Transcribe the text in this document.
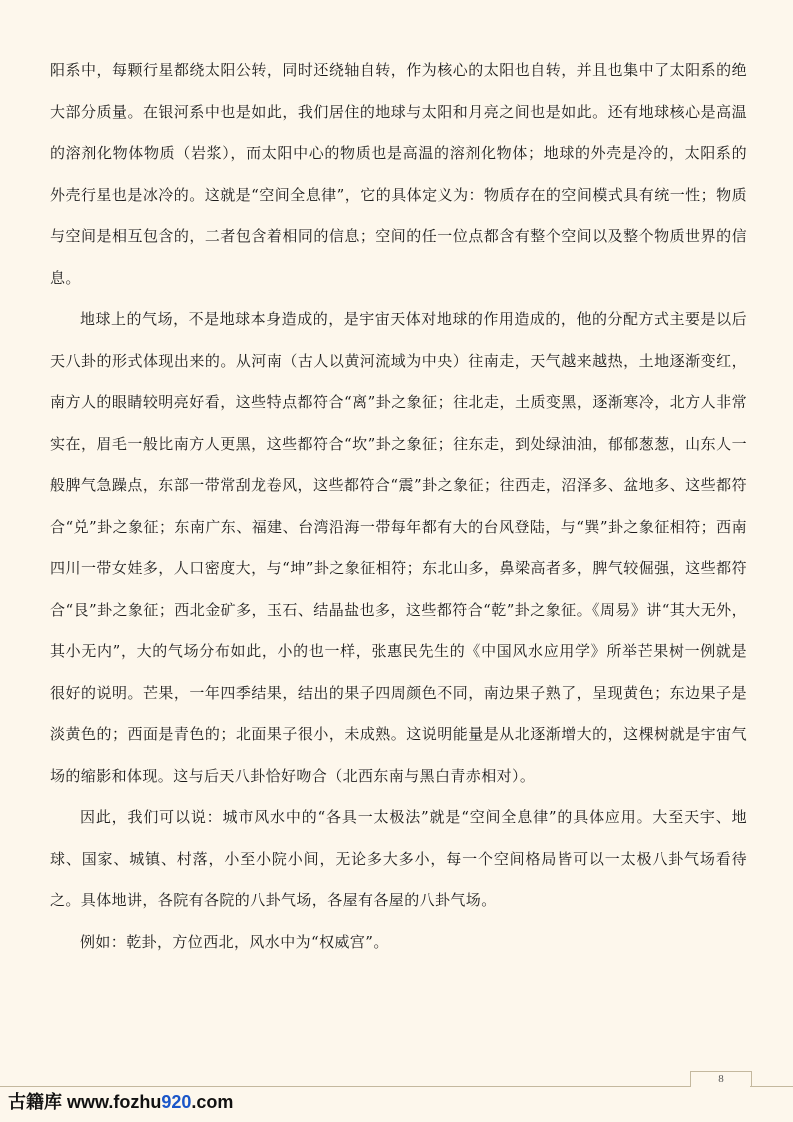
阳系中，每颗行星都绕太阳公转，同时还绕轴自转，作为核心的太阳也自转，并且也集中了太阳系的绝大部分质量。在银河系中也是如此，我们居住的地球与太阳和月亮之间也是如此。还有地球核心是高温的溶剂化物体物质（岩浆），而太阳中心的物质也是高温的溶剂化物体；地球的外壳是冷的，太阳系的外壳行星也是冰冷的。这就是“空间全息律”，它的具体定义为：物质存在的空间模式具有统一性；物质与空间是相互包含的，二者包含着相同的信息；空间的任一位点都含有整个空间以及整个物质世界的信息。

地球上的气场，不是地球本身造成的，是宇宙天体对地球的作用造成的，他的分配方式主要是以后天八卦的形式体现出来的。从河南（古人以黄河流域为中央）往南走，天气越来越热，土地逐渐变红，南方人的眼睛较明亮好看，这些特点都符合“离”卦之象征；往北走，土质变黑，逐渐寒冷，北方人非常实在，眉毛一般比南方人更黑，这些都符合“坎”卦之象征；往东走，到处绿油油，郁郁葱葱，山东人一般脾气急躁点，东部一带常刮龙卷风，这些都符合“震”卦之象征；往西走，沼泽多、盆地多、这些都符合“兑”卦之象征；东南广东、福建、台湾沿海一带每年都有大的台风登陆，与“巽”卦之象征相符；西南四川一带女娃多，人口密度大，与“坤”卦之象征相符；东北山多，鼻梁高者多，脾气较倔强，这些都符合“艮”卦之象征；西北金矿多，玉石、结晶盐也多，这些都符合“乾”卦之象征。《周易》讲“其大无外，其小无内”，大的气场分布如此，小的也一样，张惠民先生的《中国风水应用学》所举芒果树一例就是很好的说明。芒果，一年四季结果，结出的果子四周颜色不同，南边果子熟了，呈现黄色；东边果子是淡黄色的；西面是青色的；北面果子很小，未成熟。这说明能量是从北逐渐增大的，这棵树就是宇宙气场的缩影和体现。这与后天八卦恰好吻合（北西东南与黑白青赤相对）。

因此，我们可以说：城市风水中的“各具一太极法”就是“空间全息律”的具体应用。大至天宇、地球、国家、城镇、村落，小至小院小间，无论多大多小，每一个空间格局皆可以一太极八卦气场看待之。具体地讲，各院有各院的八卦气场，各屋有各屋的八卦气场。

例如：乾卦，方位西北，风水中为“权威宫”。

8
古籍库 www.fozhu920.com
